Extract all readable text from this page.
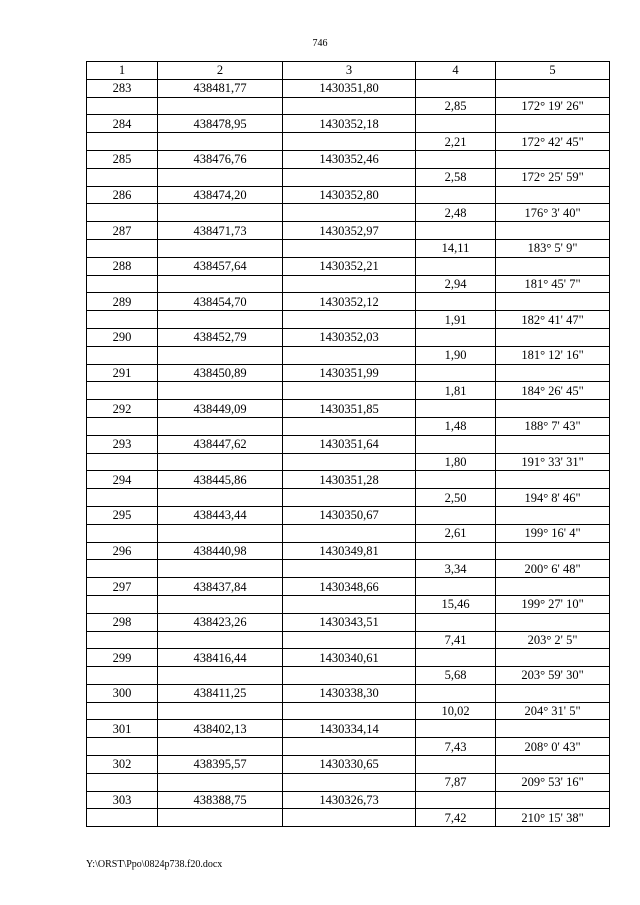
746
1	2	3	4	5
283	438481,77	1430351,80		
			2,85	172° 19' 26"
284	438478,95	1430352,18		
			2,21	172° 42' 45"
285	438476,76	1430352,46		
			2,58	172° 25' 59"
286	438474,20	1430352,80		
			2,48	176° 3' 40"
287	438471,73	1430352,97		
			14,11	183° 5' 9"
288	438457,64	1430352,21		
			2,94	181° 45' 7"
289	438454,70	1430352,12		
			1,91	182° 41' 47"
290	438452,79	1430352,03		
			1,90	181° 12' 16"
291	438450,89	1430351,99		
			1,81	184° 26' 45"
292	438449,09	1430351,85		
			1,48	188° 7' 43"
293	438447,62	1430351,64		
			1,80	191° 33' 31"
294	438445,86	1430351,28		
			2,50	194° 8' 46"
295	438443,44	1430350,67		
			2,61	199° 16' 4"
296	438440,98	1430349,81		
			3,34	200° 6' 48"
297	438437,84	1430348,66		
			15,46	199° 27' 10"
298	438423,26	1430343,51		
			7,41	203° 2' 5"
299	438416,44	1430340,61		
			5,68	203° 59' 30"
300	438411,25	1430338,30		
			10,02	204° 31' 5"
301	438402,13	1430334,14		
			7,43	208° 0' 43"
302	438395,57	1430330,65		
			7,87	209° 53' 16"
303	438388,75	1430326,73		
			7,42	210° 15' 38"
Y:\ORST\Ppo\0824p738.f20.docx
